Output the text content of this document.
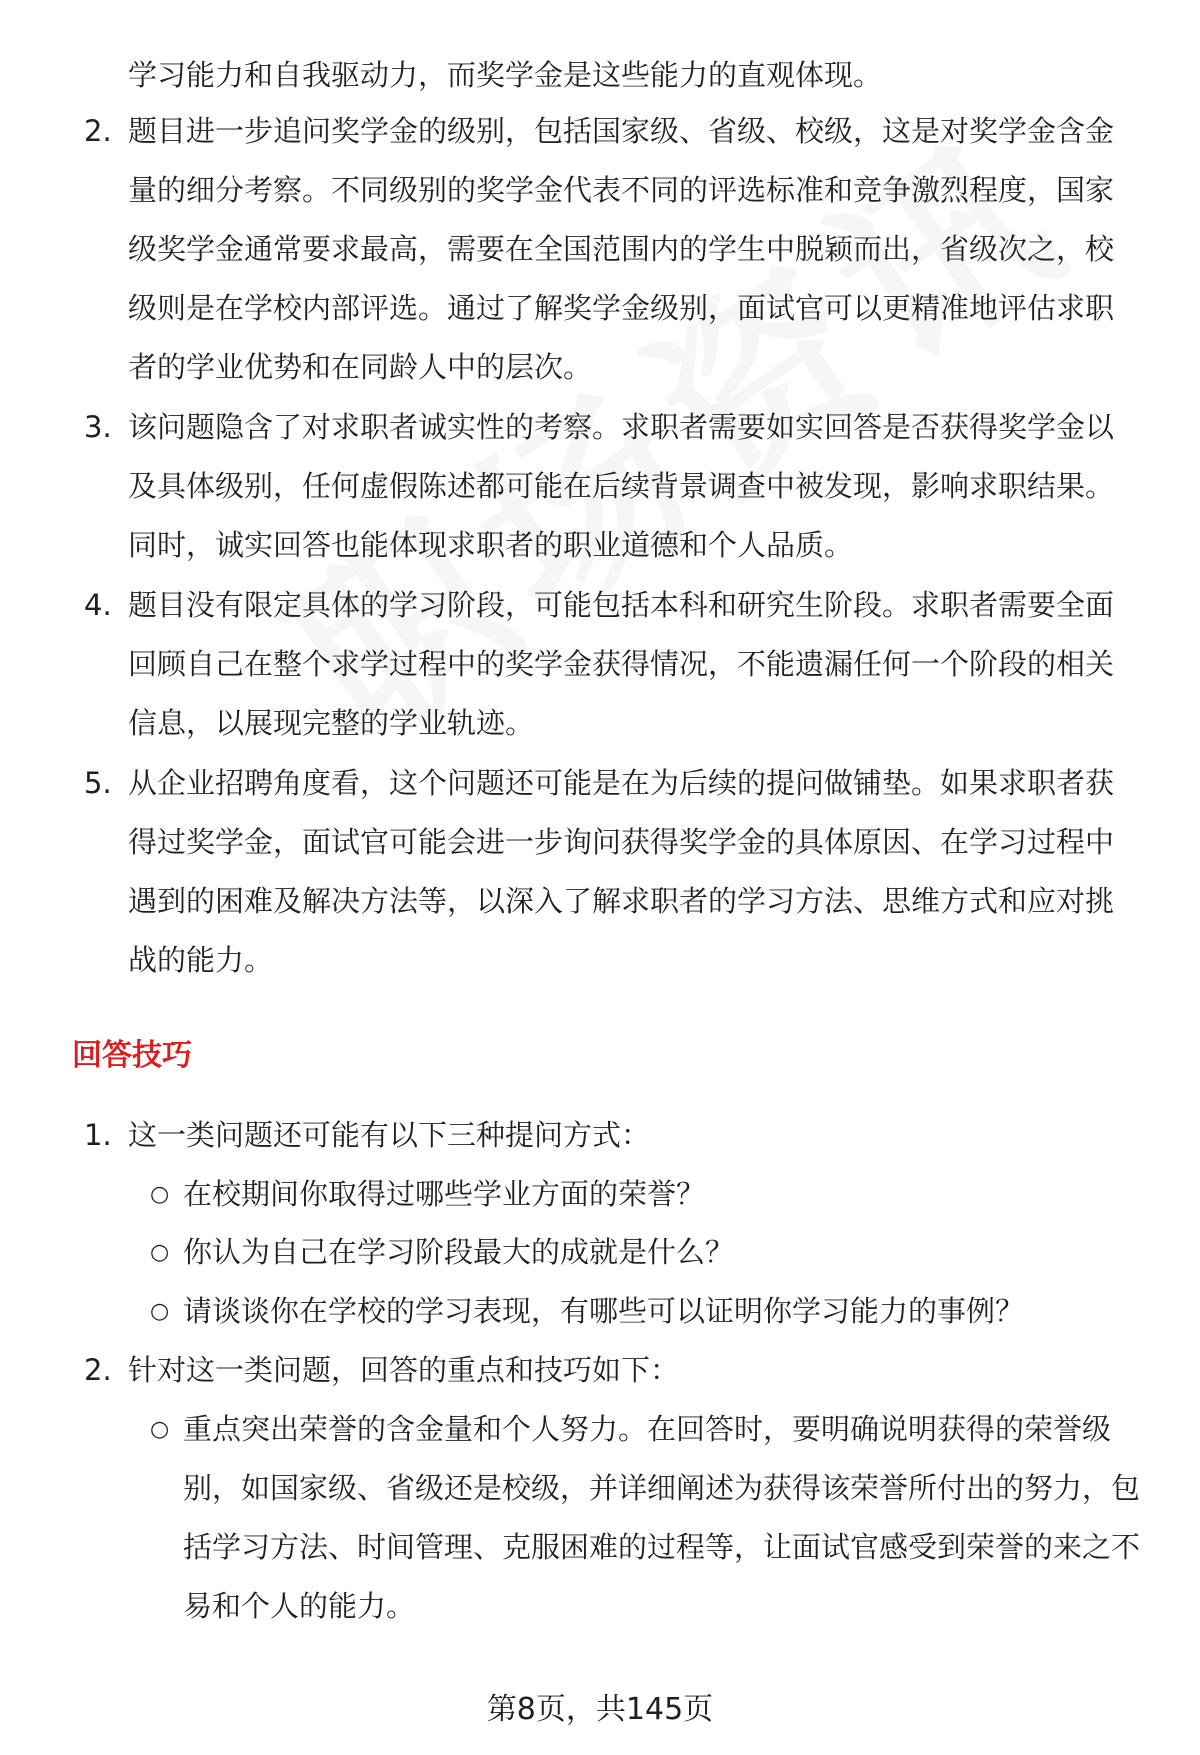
学习能力和自我驱动力，而奖学金是这些能力的直观体现。
2. 题目进一步追问奖学金的级别，包括国家级、省级、校级，这是对奖学金含金量的细分考察。不同级别的奖学金代表不同的评选标准和竞争激烈程度，国家级奖学金通常要求最高，需要在全国范围内的学生中脱颖而出，省级次之，校级则是在学校内部评选。通过了解奖学金级别，面试官可以更精准地评估求职者的学业优势和在同龄人中的层次。
3. 该问题隐含了对求职者诚实性的考察。求职者需要如实回答是否获得奖学金以及具体级别，任何虚假陈述都可能在后续背景调查中被发现，影响求职结果。同时，诚实回答也能体现求职者的职业道德和个人品质。
4. 题目没有限定具体的学习阶段，可能包括本科和研究生阶段。求职者需要全面回顾自己在整个求学过程中的奖学金获得情况，不能遗漏任何一个阶段的相关信息，以展现完整的学业轨迹。
5. 从企业招聘角度看，这个问题还可能是在为后续的提问做铺垫。如果求职者获得过奖学金，面试官可能会进一步询问获得奖学金的具体原因、在学习过程中遇到的困难及解决方法等，以深入了解求职者的学习方法、思维方式和应对挑战的能力。
回答技巧
1. 这一类问题还可能有以下三种提问方式：
○ 在校期间你取得过哪些学业方面的荣誉？
○ 你认为自己在学习阶段最大的成就是什么？
○ 请谈谈你在学校的学习表现，有哪些可以证明你学习能力的事例？
2. 针对这一类问题，回答的重点和技巧如下：
○ 重点突出荣誉的含金量和个人努力。在回答时，要明确说明获得的荣誉级别，如国家级、省级还是校级，并详细阐述为获得该荣誉所付出的努力，包括学习方法、时间管理、克服困难的过程等，让面试官感受到荣誉的来之不易和个人的能力。
第8页，共145页
